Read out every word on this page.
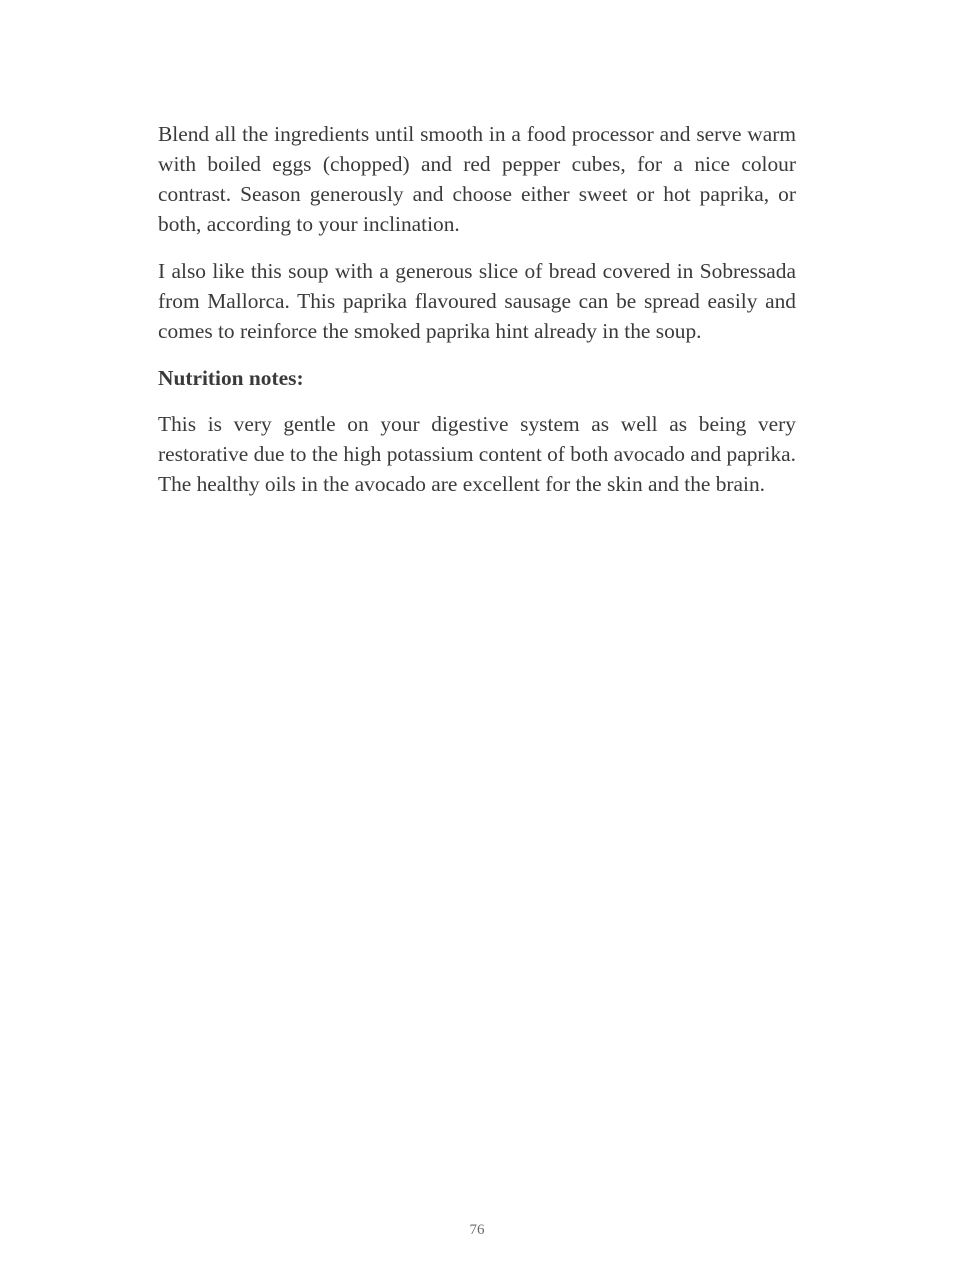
Blend all the ingredients until smooth in a food processor and serve warm with boiled eggs (chopped) and red pepper cubes, for a nice colour contrast. Season generously and choose either sweet or hot paprika, or both, according to your inclination.

I also like this soup with a generous slice of bread covered in Sobressada from Mallorca. This paprika flavoured sausage can be spread easily and comes to reinforce the smoked paprika hint already in the soup.

Nutrition notes:

This is very gentle on your digestive system as well as being very restorative due to the high potassium content of both avocado and paprika. The healthy oils in the avocado are excellent for the skin and the brain.

76
